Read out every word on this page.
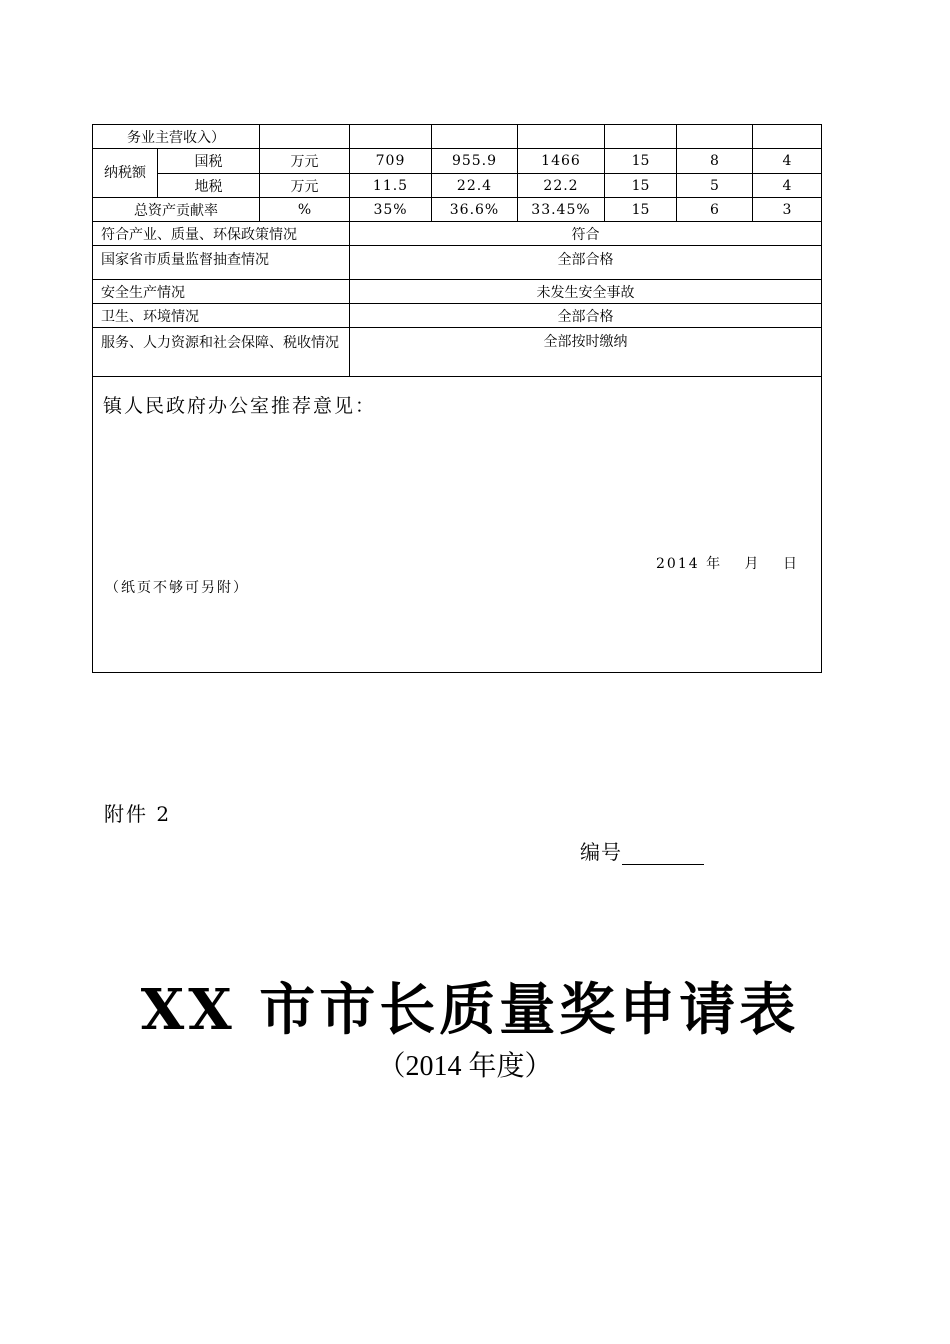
务业主营收入）								
纳税额	国税	万元	709	955.9	1466	15	8	4
	地税	万元	11.5	22.4	22.2	15	5	4
总资产贡献率		%	35%	36.6%	33.45%	15	6	3
符合产业、质量、环保政策情况			符合					
国家省市质量监督抽查情况			全部合格					
安全生产情况			未发生安全事故					
卫生、环境情况			全部合格					
服务、人力资源和社会保障、税收情况			全部按时缴纳					

镇人民政府办公室推荐意见：
2014 年　 月　 日
（纸页不够可另附）								
附件 2
编号
XX 市市长质量奖申请表
（2014 年度）
